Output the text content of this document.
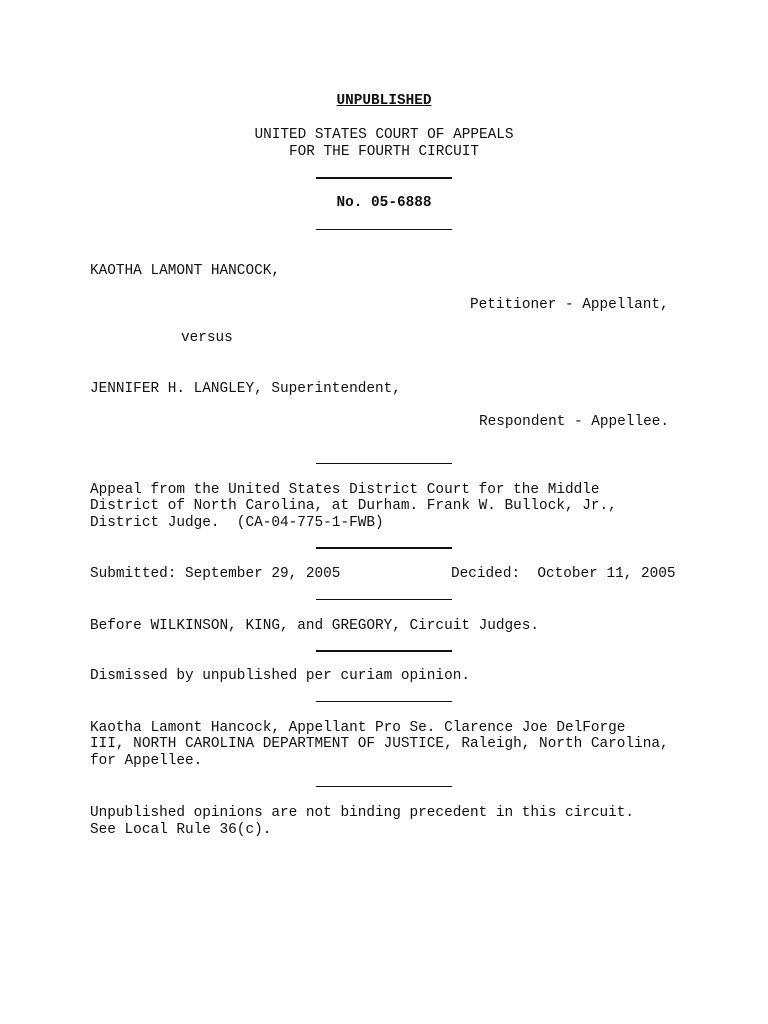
UNPUBLISHED
UNITED STATES COURT OF APPEALS
FOR THE FOURTH CIRCUIT
No. 05-6888
KAOTHA LAMONT HANCOCK,
Petitioner - Appellant,
versus
JENNIFER H. LANGLEY, Superintendent,
Respondent - Appellee.
Appeal from the United States District Court for the Middle
District of North Carolina, at Durham. Frank W. Bullock, Jr.,
District Judge.  (CA-04-775-1-FWB)
Submitted: September 29, 2005	Decided:  October 11, 2005
Before WILKINSON, KING, and GREGORY, Circuit Judges.
Dismissed by unpublished per curiam opinion.
Kaotha Lamont Hancock, Appellant Pro Se. Clarence Joe DelForge
III, NORTH CAROLINA DEPARTMENT OF JUSTICE, Raleigh, North Carolina,
for Appellee.
Unpublished opinions are not binding precedent in this circuit.
See Local Rule 36(c).
